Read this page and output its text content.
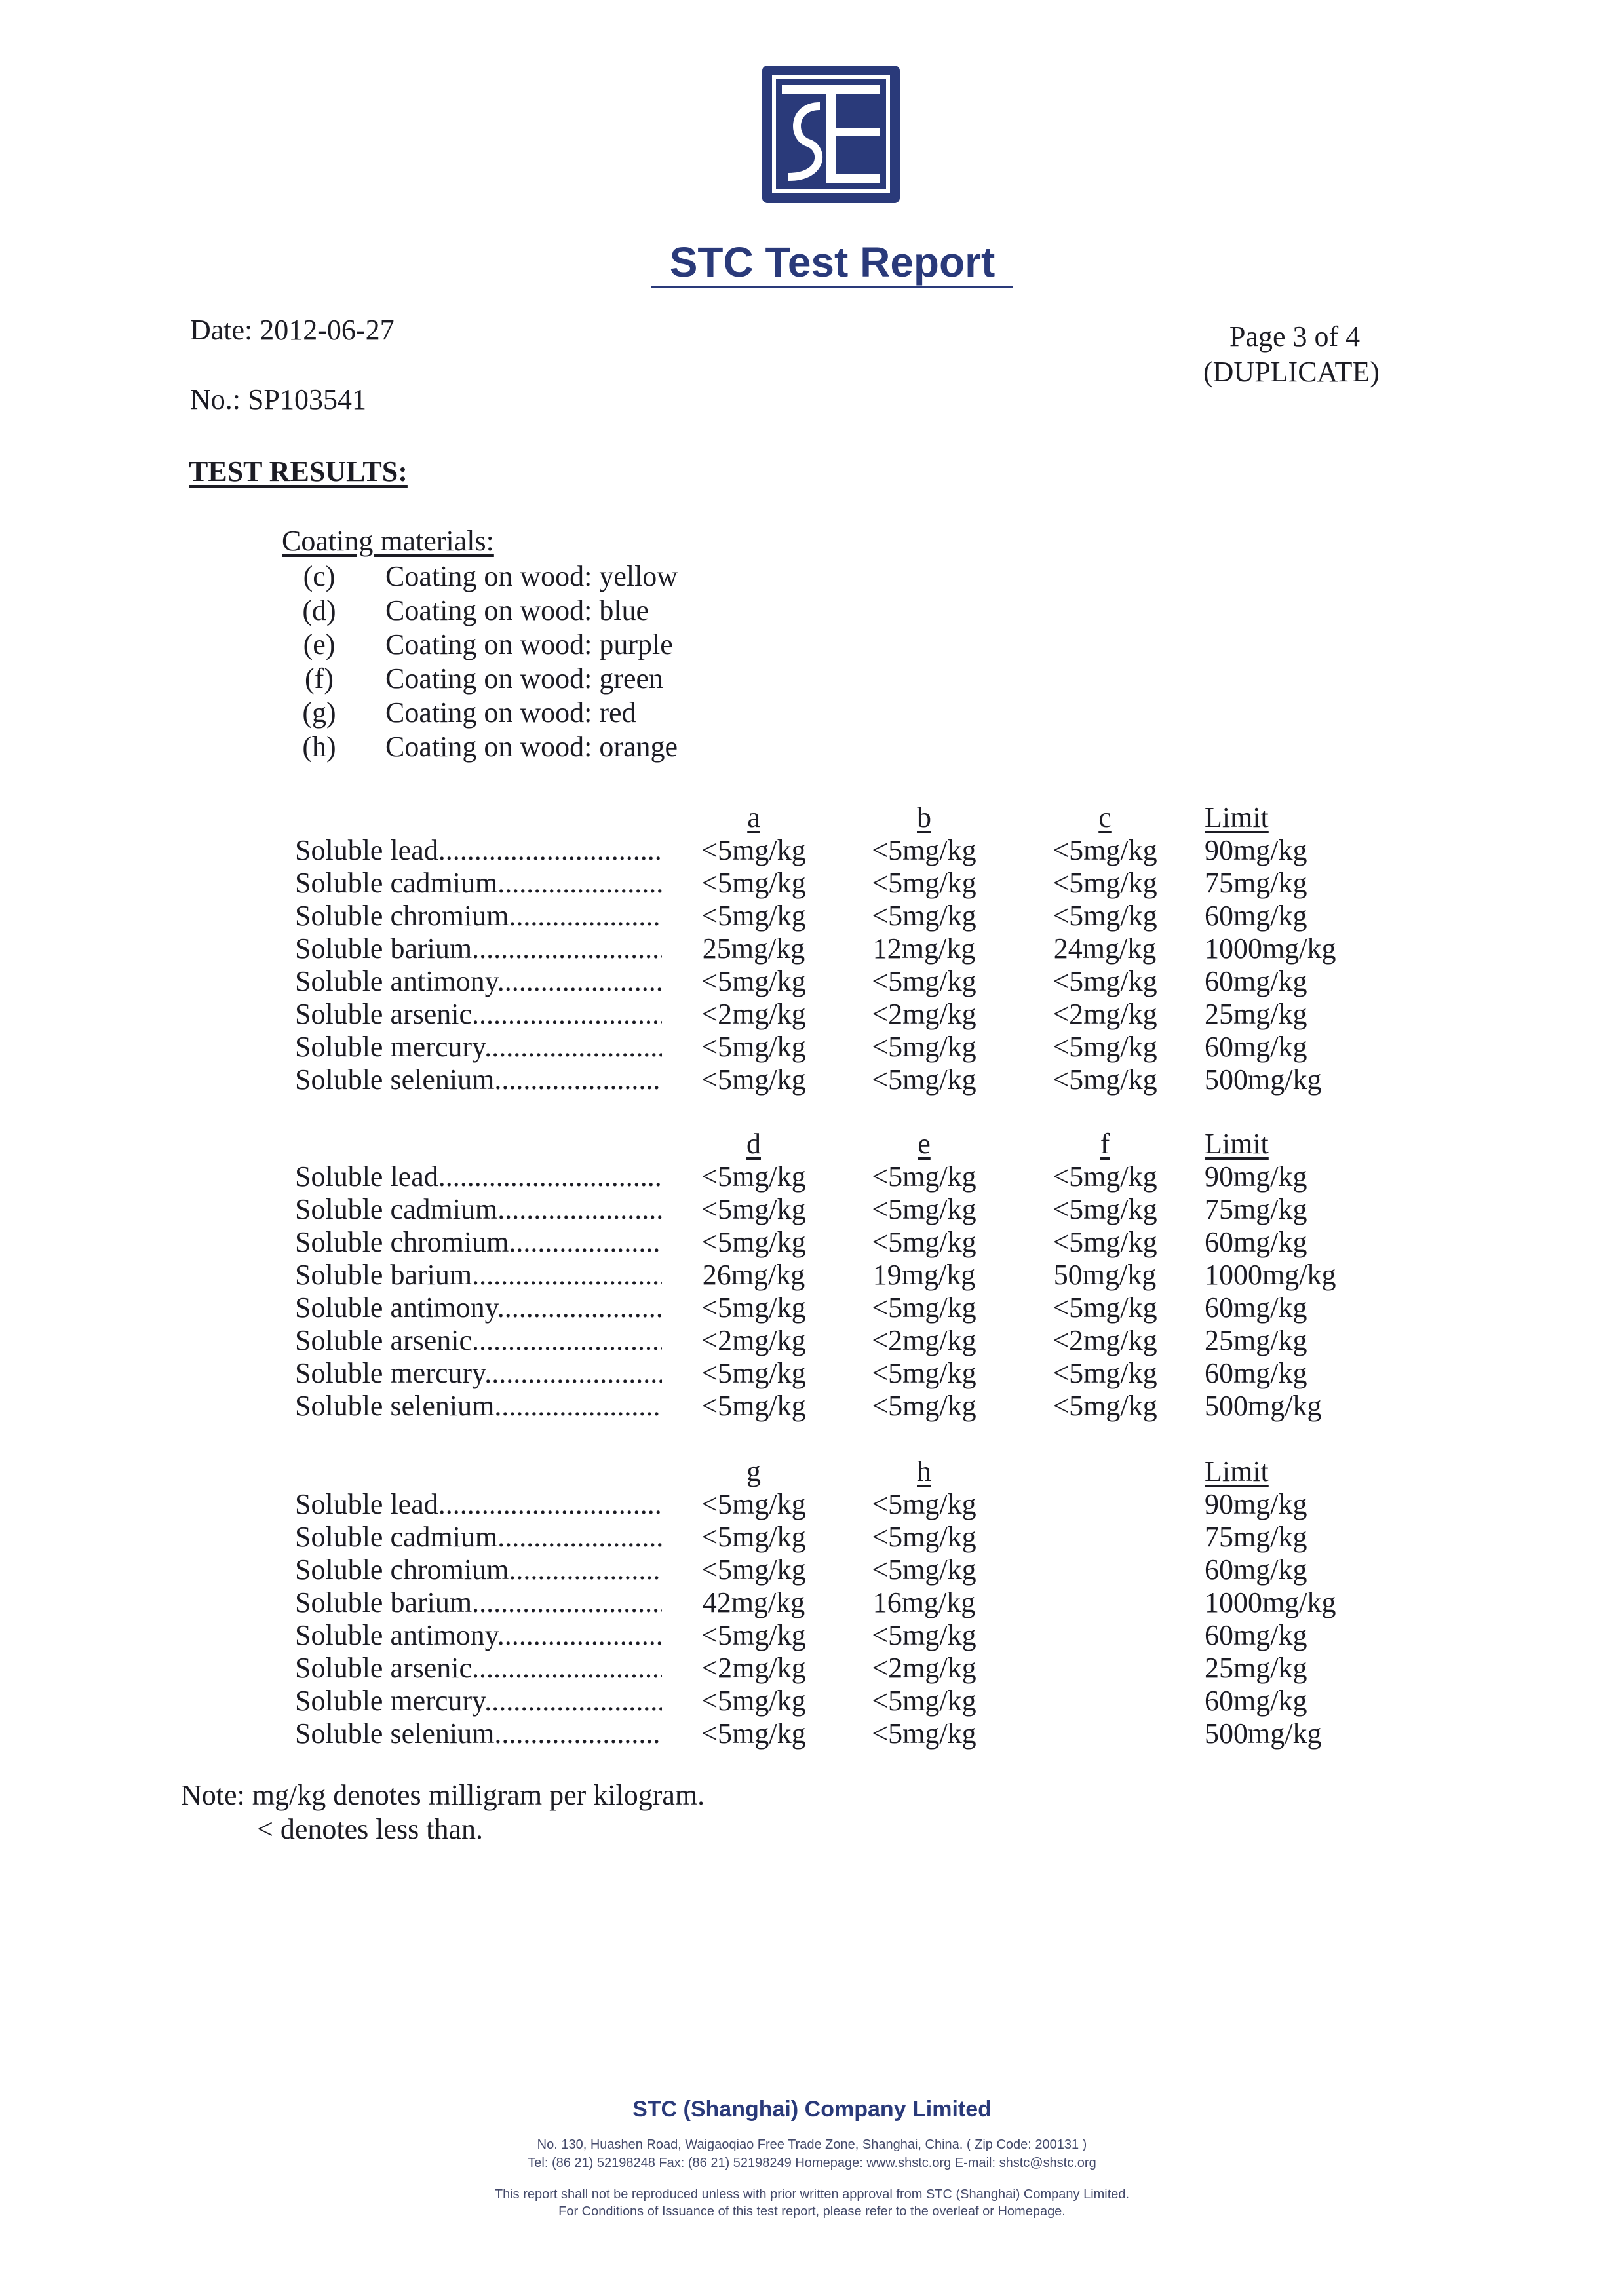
STC Test Report
Date: 2012-06-27
No.: SP103541
Page 3 of 4
(DUPLICATE)
TEST RESULTS:
Coating materials:
(c)	Coating on wood: yellow
(d)	Coating on wood: blue
(e)	Coating on wood: purple
(f)	Coating on wood: green
(g)	Coating on wood: red
(h)	Coating on wood: orange
a	b	c	Limit
Soluble lead .....	<5mg/kg	<5mg/kg	<5mg/kg	90mg/kg
Soluble cadmium .....	<5mg/kg	<5mg/kg	<5mg/kg	75mg/kg
Soluble chromium .....	<5mg/kg	<5mg/kg	<5mg/kg	60mg/kg
Soluble barium .....	25mg/kg	12mg/kg	24mg/kg	1000mg/kg
Soluble antimony .....	<5mg/kg	<5mg/kg	<5mg/kg	60mg/kg
Soluble arsenic .....	<2mg/kg	<2mg/kg	<2mg/kg	25mg/kg
Soluble mercury .....	<5mg/kg	<5mg/kg	<5mg/kg	60mg/kg
Soluble selenium .....	<5mg/kg	<5mg/kg	<5mg/kg	500mg/kg
d	e	f	Limit
Soluble lead .....	<5mg/kg	<5mg/kg	<5mg/kg	90mg/kg
Soluble cadmium .....	<5mg/kg	<5mg/kg	<5mg/kg	75mg/kg
Soluble chromium .....	<5mg/kg	<5mg/kg	<5mg/kg	60mg/kg
Soluble barium .....	26mg/kg	19mg/kg	50mg/kg	1000mg/kg
Soluble antimony .....	<5mg/kg	<5mg/kg	<5mg/kg	60mg/kg
Soluble arsenic .....	<2mg/kg	<2mg/kg	<2mg/kg	25mg/kg
Soluble mercury .....	<5mg/kg	<5mg/kg	<5mg/kg	60mg/kg
Soluble selenium .....	<5mg/kg	<5mg/kg	<5mg/kg	500mg/kg
g	h	Limit
Soluble lead .....	<5mg/kg	<5mg/kg	90mg/kg
Soluble cadmium .....	<5mg/kg	<5mg/kg	75mg/kg
Soluble chromium .....	<5mg/kg	<5mg/kg	60mg/kg
Soluble barium .....	42mg/kg	16mg/kg	1000mg/kg
Soluble antimony .....	<5mg/kg	<5mg/kg	60mg/kg
Soluble arsenic .....	<2mg/kg	<2mg/kg	25mg/kg
Soluble mercury .....	<5mg/kg	<5mg/kg	60mg/kg
Soluble selenium .....	<5mg/kg	<5mg/kg	500mg/kg
Note: mg/kg denotes milligram per kilogram.
< denotes less than.
STC (Shanghai) Company Limited
No. 130, Huashen Road, Waigaoqiao Free Trade Zone, Shanghai, China. ( Zip Code: 200131 )
Tel: (86 21) 52198248 Fax: (86 21) 52198249 Homepage: www.shstc.org E-mail: shstc@shstc.org
This report shall not be reproduced unless with prior written approval from STC (Shanghai) Company Limited.
For Conditions of Issuance of this test report, please refer to the overleaf or Homepage.
